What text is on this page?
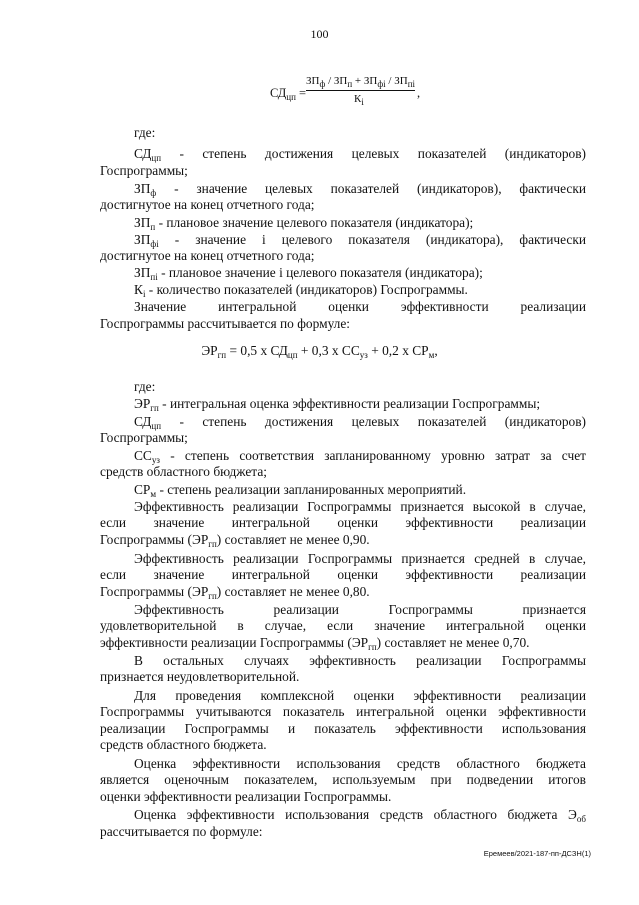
100
$СД_{цп}$ =
$ЗП_ф / ЗП_п + ЗП_{фi} / ЗП_{пi}$
$К_i$
,
$ЭР_{гп} = 0,5$ х $СД_{цп} + 0,3$ х $СС_{уз} + 0,2$ х $СР_м$,
где:
$СД_{цп}$ - степень достижения целевых показателей (индикаторов)
Госпрограммы;
$ЗП_ф$ - значение целевых показателей (индикаторов), фактически
достигнутое на конец отчетного года;
$ЗП_п$ - плановое значение целевого показателя (индикатора);
$ЗП_{фi}$ - значение i целевого показателя (индикатора), фактически
достигнутое на конец отчетного года;
$ЗП_{пi}$ - плановое значение i целевого показателя (индикатора);
$К_i$ - количество показателей (индикаторов) Госпрограммы.
Значение интегральной оценки эффективности реализации
Госпрограммы рассчитывается по формуле:
где:
$ЭР_{гп}$ - интегральная оценка эффективности реализации Госпрограммы;
$СД_{цп}$ - степень достижения целевых показателей (индикаторов)
Госпрограммы;
$СС_{уз}$ - степень соответствия запланированному уровню затрат за счет
средств областного бюджета;
$СР_м$ - степень реализации запланированных мероприятий.
Эффективность реализации Госпрограммы признается высокой в случае,
если значение интегральной оценки эффективности реализации
Госпрограммы $(ЭР_{гп})$ составляет не менее 0,90.
Эффективность реализации Госпрограммы признается средней в случае,
если значение интегральной оценки эффективности реализации
Госпрограммы $(ЭР_{гп})$ составляет не менее 0,80.
Эффективность реализации Госпрограммы признается
удовлетворительной в случае, если значение интегральной оценки
эффективности реализации Госпрограммы $(ЭР_{гп})$ составляет не менее 0,70.
В остальных случаях эффективность реализации Госпрограммы
признается неудовлетворительной.
Для проведения комплексной оценки эффективности реализации
Госпрограммы учитываются показатель интегральной оценки эффективности
реализации Госпрограммы и показатель эффективности использования
средств областного бюджета.
Оценка эффективности использования средств областного бюджета
является оценочным показателем, используемым при подведении итогов
оценки эффективности реализации Госпрограммы.
Оценка эффективности использования средств областного бюджета $Э_{об}$
рассчитывается по формуле:
Еремеев/2021-187-пп-ДСЗН(1)
